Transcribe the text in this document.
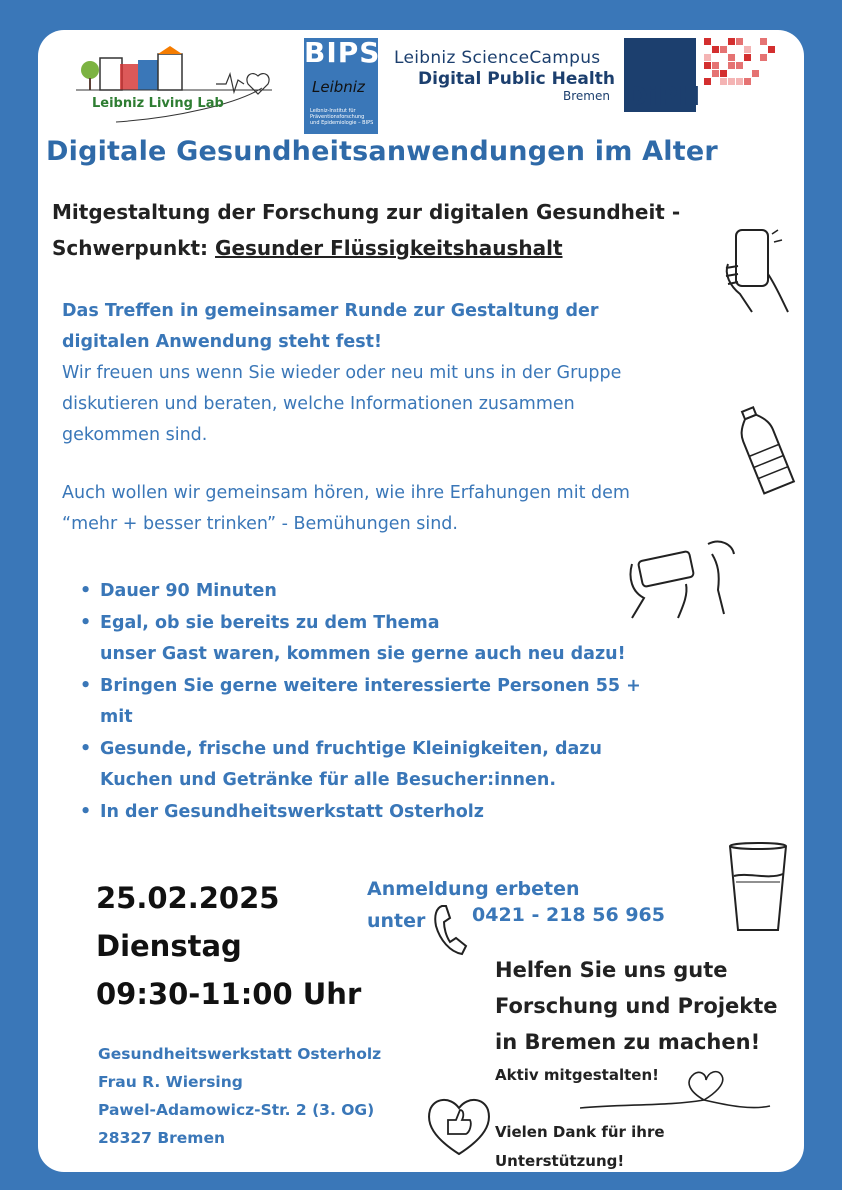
Leibniz Living Lab
BIPS
Leibniz
Leibniz-Institut für Präventionsforschung und Epidemiologie – BIPS
Leibniz ScienceCampus
Digital Public Health
Bremen DiPH
Digitale Gesundheitsanwendungen im Alter
Mitgestaltung der Forschung zur digitalen Gesundheit -
Schwerpunkt: Gesunder Flüssigkeitshaushalt
Das Treffen in gemeinsamer Runde zur Gestaltung der
digitalen Anwendung steht fest!
Wir freuen uns wenn Sie wieder oder neu mit uns in der Gruppe
diskutieren und beraten, welche Informationen zusammen
gekommen sind.
Auch wollen wir gemeinsam hören, wie ihre Erfahungen mit dem
“mehr + besser trinken” - Bemühungen sind.
• Dauer 90 Minuten
• Egal, ob sie bereits zu dem Thema
unser Gast waren, kommen sie gerne auch neu dazu!
• Bringen Sie gerne weitere interessierte Personen 55 +
mit
• Gesunde, frische und fruchtige Kleinigkeiten, dazu
Kuchen und Getränke für alle Besucher:innen.
• In der Gesundheitswerkstatt Osterholz
25.02.2025
Dienstag
09:30-11:00 Uhr
Anmeldung erbeten
unter	0421 - 218 56 965
Helfen Sie uns gute
Forschung und Projekte
in Bremen zu machen!
Aktiv mitgestalten!
Vielen Dank für ihre
Unterstützung!
Gesundheitswerkstatt Osterholz
Frau R. Wiersing
Pawel-Adamowicz-Str. 2 (3. OG)
28327 Bremen
